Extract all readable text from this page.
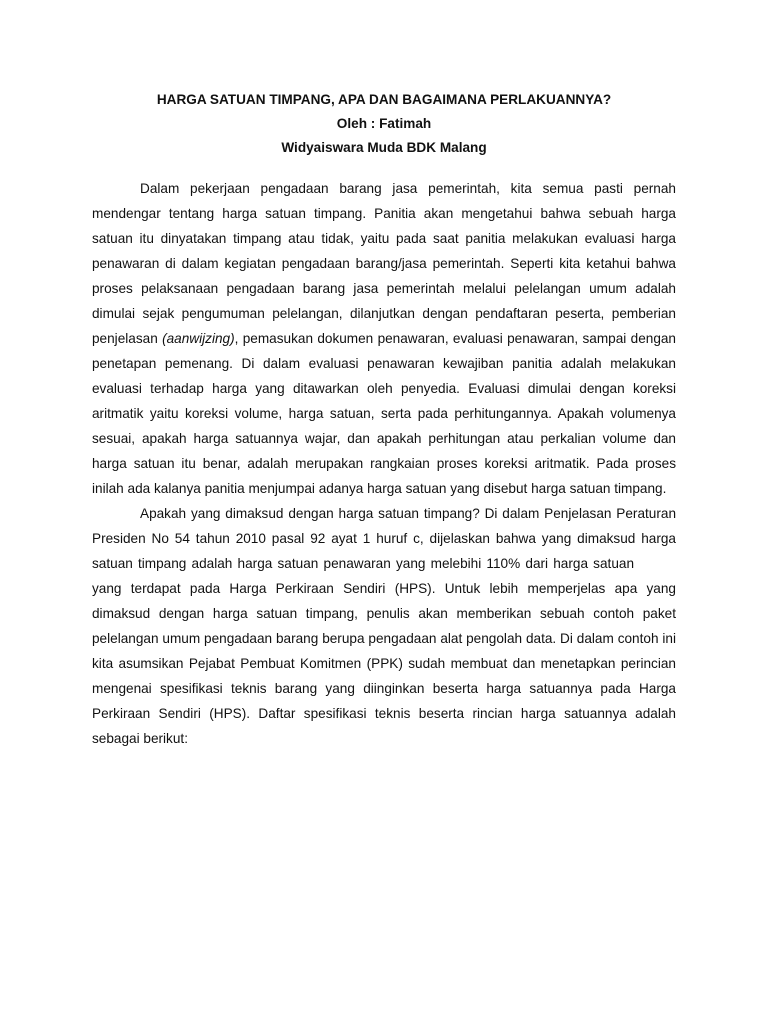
HARGA SATUAN TIMPANG, APA DAN BAGAIMANA PERLAKUANNYA?
Oleh : Fatimah
Widyaiswara Muda BDK Malang

Dalam pekerjaan pengadaan barang jasa pemerintah, kita semua pasti pernah mendengar tentang harga satuan timpang. Panitia akan mengetahui bahwa sebuah harga satuan itu dinyatakan timpang atau tidak, yaitu pada saat panitia melakukan evaluasi harga penawaran di dalam kegiatan pengadaan barang/jasa pemerintah. Seperti kita ketahui bahwa proses pelaksanaan pengadaan barang jasa pemerintah melalui pelelangan umum adalah dimulai sejak pengumuman pelelangan, dilanjutkan dengan pendaftaran peserta, pemberian penjelasan (aanwijzing), pemasukan dokumen penawaran, evaluasi penawaran, sampai dengan penetapan pemenang. Di dalam evaluasi penawaran kewajiban panitia adalah melakukan evaluasi terhadap harga yang ditawarkan oleh penyedia. Evaluasi dimulai dengan koreksi aritmatik yaitu koreksi volume, harga satuan, serta pada perhitungannya. Apakah volumenya sesuai, apakah harga satuannya wajar, dan apakah perhitungan atau perkalian volume dan harga satuan itu benar, adalah merupakan rangkaian proses koreksi aritmatik. Pada proses inilah ada kalanya panitia menjumpai adanya harga satuan yang disebut harga satuan timpang.

Apakah yang dimaksud dengan harga satuan timpang? Di dalam Penjelasan Peraturan Presiden No 54 tahun 2010 pasal 92 ayat 1 huruf c, dijelaskan bahwa yang dimaksud harga satuan timpang adalah harga satuan penawaran yang melebihi 110% dari harga satuanyang terdapat pada Harga Perkiraan Sendiri (HPS). Untuk lebih memperjelas apa yang dimaksud dengan harga satuan timpang, penulis akan memberikan sebuah contoh paket pelelangan umum pengadaan barang berupa pengadaan alat pengolah data. Di dalam contoh ini kita asumsikan Pejabat Pembuat Komitmen (PPK) sudah membuat dan menetapkan perincian mengenai spesifikasi teknis barang yang diinginkan beserta harga satuannya pada Harga Perkiraan Sendiri (HPS). Daftar spesifikasi teknis beserta rincian harga satuannya adalah sebagai berikut:
